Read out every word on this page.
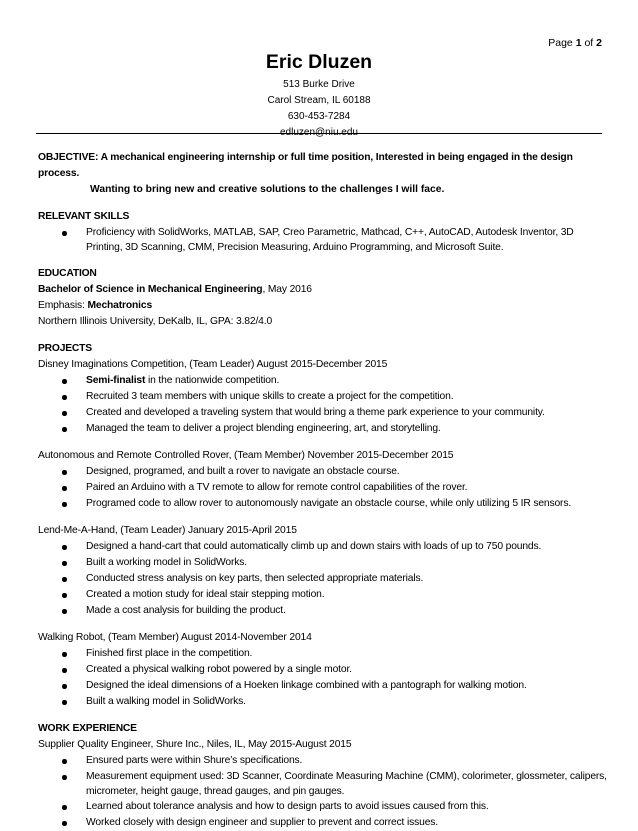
Page 1 of 2
Eric Dluzen
513 Burke Drive
Carol Stream, IL 60188
630-453-7284
edluzen@niu.edu
OBJECTIVE: A mechanical engineering internship or full time position, Interested in being engaged in the design process.
Wanting to bring new and creative solutions to the challenges I will face.
RELEVANT SKILLS
Proficiency with SolidWorks, MATLAB, SAP, Creo Parametric, Mathcad, C++, AutoCAD, Autodesk Inventor, 3D Printing, 3D Scanning, CMM, Precision Measuring, Arduino Programming, and Microsoft Suite.
EDUCATION
Bachelor of Science in Mechanical Engineering, May 2016
Emphasis: Mechatronics
Northern Illinois University, DeKalb, IL, GPA: 3.82/4.0
PROJECTS
Disney Imaginations Competition, (Team Leader) August 2015-December 2015
Semi-finalist in the nationwide competition.
Recruited 3 team members with unique skills to create a project for the competition.
Created and developed a traveling system that would bring a theme park experience to your community.
Managed the team to deliver a project blending engineering, art, and storytelling.
Autonomous and Remote Controlled Rover, (Team Member) November 2015-December 2015
Designed, programed, and built a rover to navigate an obstacle course.
Paired an Arduino with a TV remote to allow for remote control capabilities of the rover.
Programed code to allow rover to autonomously navigate an obstacle course, while only utilizing 5 IR sensors.
Lend-Me-A-Hand, (Team Leader) January 2015-April 2015
Designed a hand-cart that could automatically climb up and down stairs with loads of up to 750 pounds.
Built a working model in SolidWorks.
Conducted stress analysis on key parts, then selected appropriate materials.
Created a motion study for ideal stair stepping motion.
Made a cost analysis for building the product.
Walking Robot, (Team Member) August 2014-November 2014
Finished first place in the competition.
Created a physical walking robot powered by a single motor.
Designed the ideal dimensions of a Hoeken linkage combined with a pantograph for walking motion.
Built a walking model in SolidWorks.
WORK EXPERIENCE
Supplier Quality Engineer, Shure Inc., Niles, IL, May 2015-August 2015
Ensured parts were within Shure’s specifications.
Measurement equipment used: 3D Scanner, Coordinate Measuring Machine (CMM), colorimeter, glossmeter, calipers, micrometer, height gauge, thread gauges, and pin gauges.
Learned about tolerance analysis and how to design parts to avoid issues caused from this.
Worked closely with design engineer and supplier to prevent and correct issues.
